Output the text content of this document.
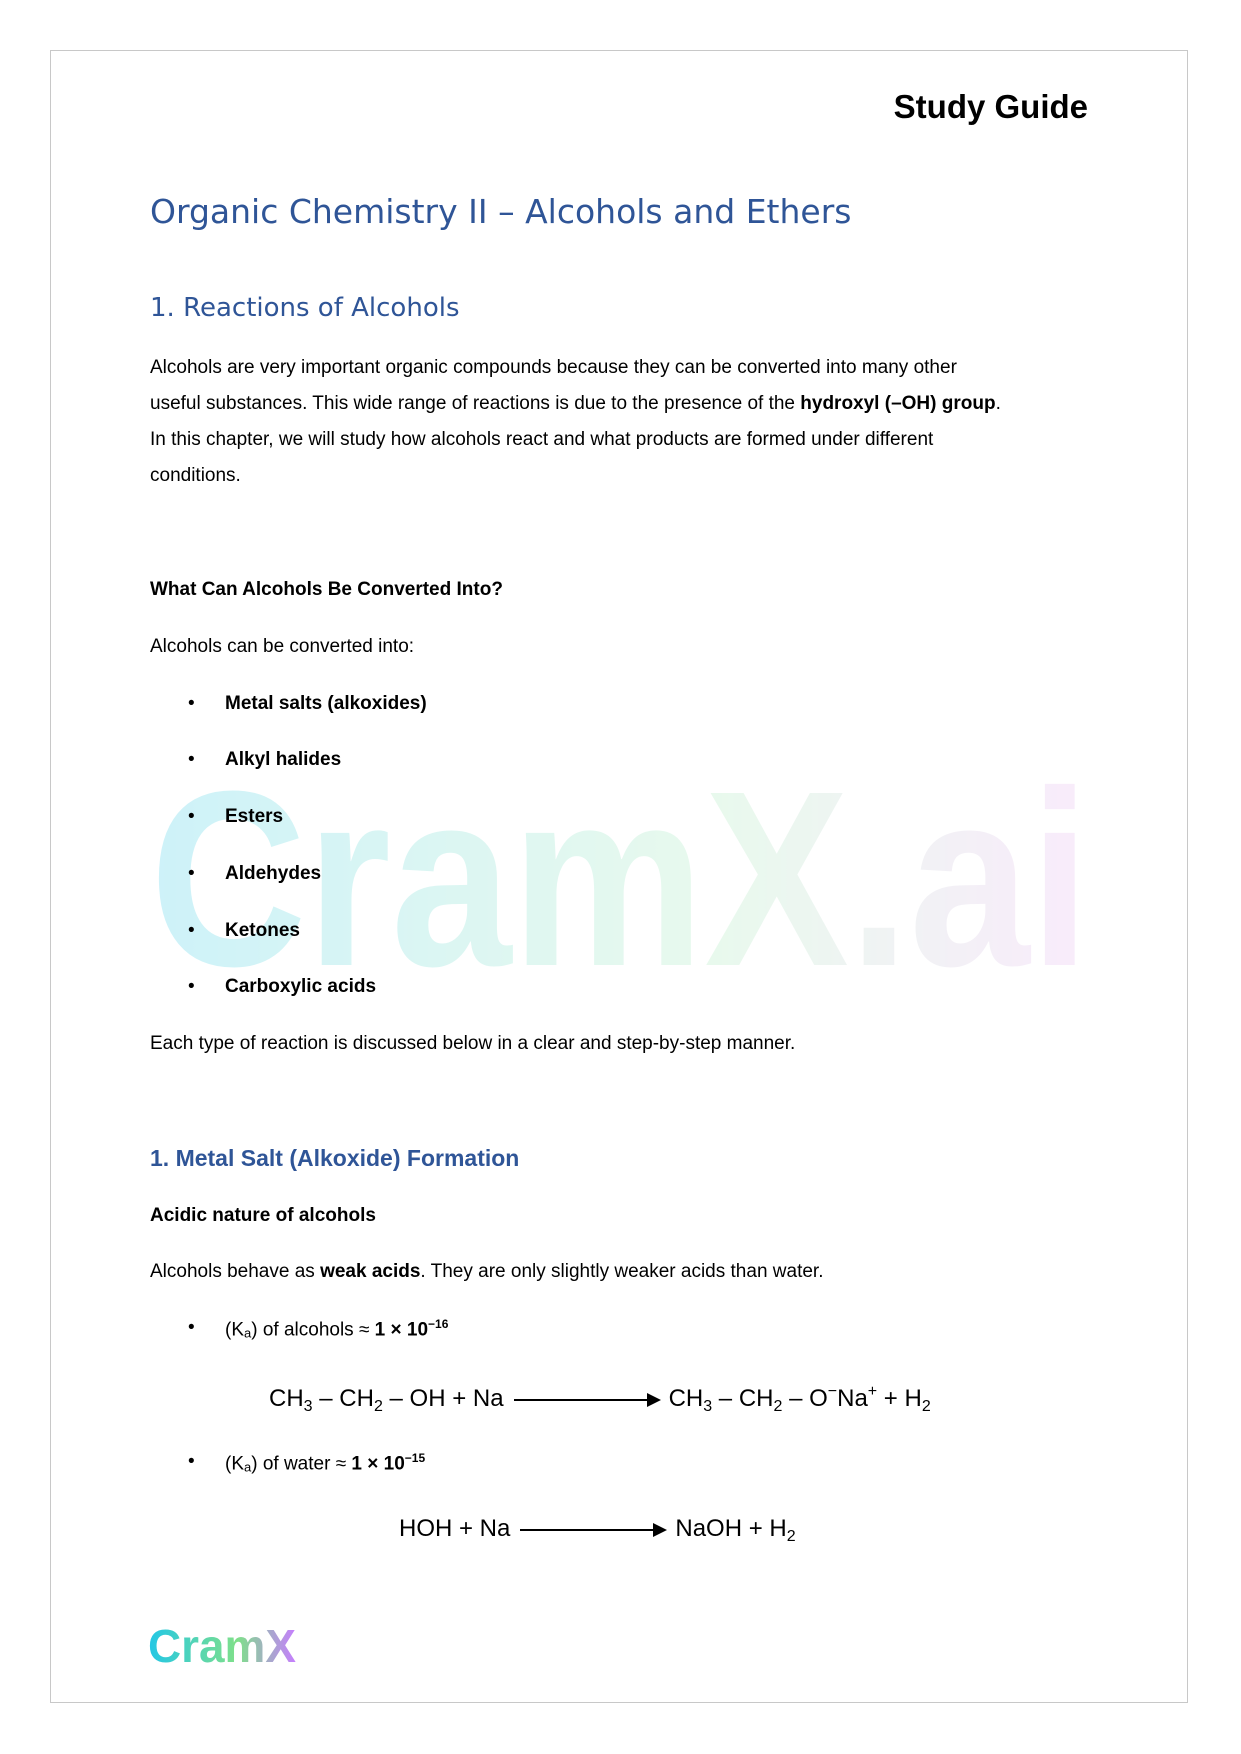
CramX.ai
Study Guide
Organic Chemistry II – Alcohols and Ethers
1. Reactions of Alcohols
Alcohols are very important organic compounds because they can be converted into many other
useful substances. This wide range of reactions is due to the presence of the hydroxyl (–OH) group.
In this chapter, we will study how alcohols react and what products are formed under different
conditions.
What Can Alcohols Be Converted Into?
Alcohols can be converted into:
• Metal salts (alkoxides)
• Alkyl halides
• Esters
• Aldehydes
• Ketones
• Carboxylic acids
Each type of reaction is discussed below in a clear and step-by-step manner.
1. Metal Salt (Alkoxide) Formation
Acidic nature of alcohols
Alcohols behave as weak acids. They are only slightly weaker acids than water.
• $(K_a)$ of alcohols ≈ $1 \times 10^{-16}$
$CH_3 - CH_2$ – OH + Na	$CH_3 - CH_2 - O^-Na^+ + H_2$
• $(K_a)$ of water ≈ $1 \times 10^{-15}$
HOH + Na	NaOH + $H_2$
CramX
